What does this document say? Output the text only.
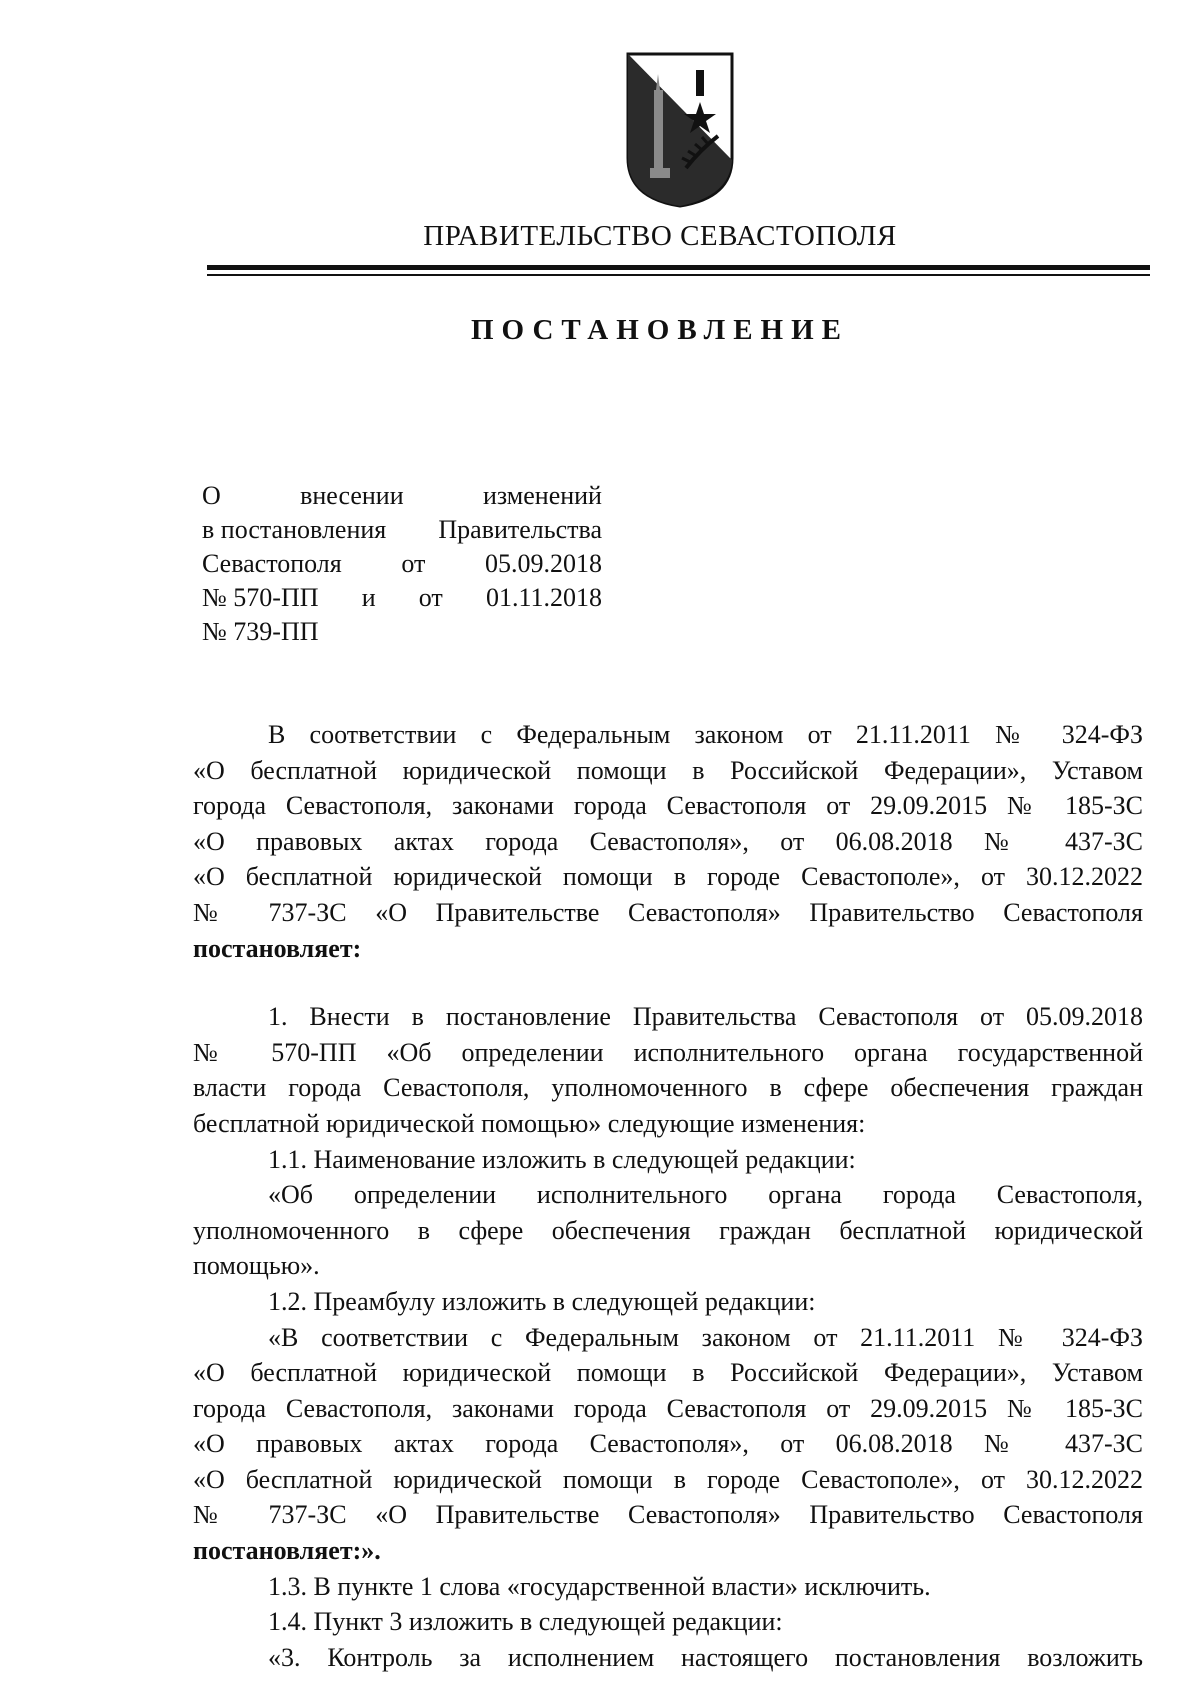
ПРАВИТЕЛЬСТВО СЕВАСТОПОЛЯ
ПОСТАНОВЛЕНИЕ
О	внесении	изменений
в постановления Правительства
Севастополя от 05.09.2018
№ 570-ПП и от 01.11.2018
№ 739-ПП
В соответствии с Федеральным законом от 21.11.2011 № 324-ФЗ
«О бесплатной юридической помощи в Российской Федерации», Уставом
города Севастополя, законами города Севастополя от 29.09.2015 № 185-ЗС
«О правовых актах города Севастополя», от 06.08.2018 № 437-ЗС
«О бесплатной юридической помощи в городе Севастополе», от 30.12.2022
№ 737-ЗС «О Правительстве Севастополя» Правительство Севастополя
постановляет:
1. Внести в постановление Правительства Севастополя от 05.09.2018
№ 570-ПП «Об определении исполнительного органа государственной
власти города Севастополя, уполномоченного в сфере обеспечения граждан
бесплатной юридической помощью» следующие изменения:
1.1. Наименование изложить в следующей редакции:
«Об определении исполнительного органа города Севастополя,
уполномоченного в сфере обеспечения граждан бесплатной юридической
помощью».
1.2. Преамбулу изложить в следующей редакции:
«В соответствии с Федеральным законом от 21.11.2011 № 324-ФЗ
«О бесплатной юридической помощи в Российской Федерации», Уставом
города Севастополя, законами города Севастополя от 29.09.2015 № 185-ЗС
«О правовых актах города Севастополя», от 06.08.2018 № 437-ЗС
«О бесплатной юридической помощи в городе Севастополе», от 30.12.2022
№ 737-ЗС «О Правительстве Севастополя» Правительство Севастополя
постановляет:».
1.3. В пункте 1 слова «государственной власти» исключить.
1.4. Пункт 3 изложить в следующей редакции:
«3. Контроль за исполнением настоящего постановления возложить
